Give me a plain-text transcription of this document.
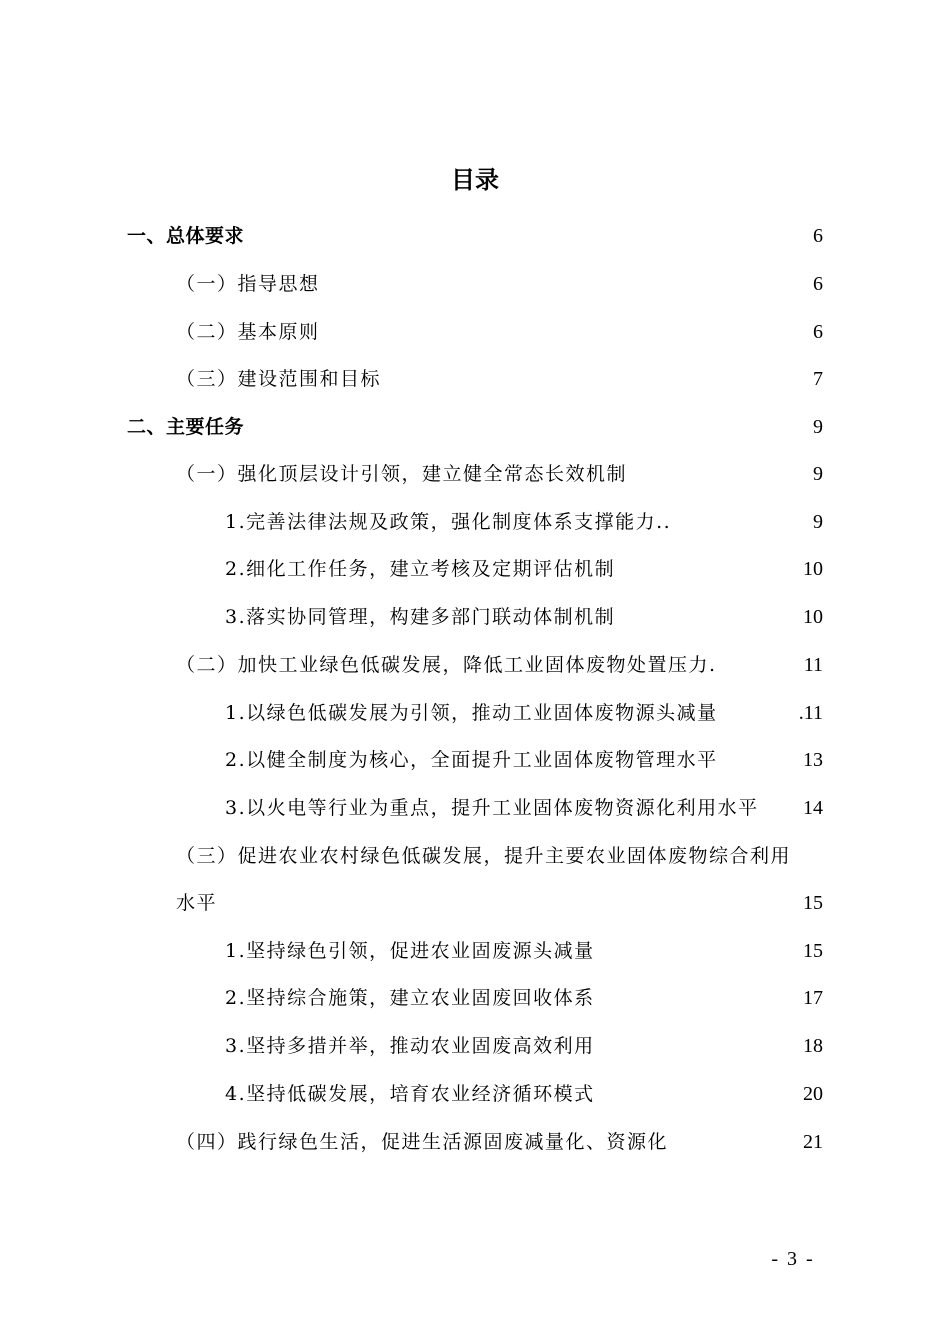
目录
一、总体要求	6
（一）指导思想	6
（二）基本原则	6
（三）建设范围和目标	7
二、主要任务	9
（一）强化顶层设计引领，建立健全常态长效机制	9
1.完善法律法规及政策，强化制度体系支撑能力..	9
2.细化工作任务，建立考核及定期评估机制	10
3.落实协同管理，构建多部门联动体制机制	10
（二）加快工业绿色低碳发展，降低工业固体废物处置压力.	11
1.以绿色低碳发展为引领，推动工业固体废物源头减量	.11
2.以健全制度为核心，全面提升工业固体废物管理水平	13
3.以火电等行业为重点，提升工业固体废物资源化利用水平 14
（三）促进农业农村绿色低碳发展，提升主要农业固体废物综合利用
水平	15
1.坚持绿色引领，促进农业固废源头减量	15
2.坚持综合施策，建立农业固废回收体系	17
3.坚持多措并举，推动农业固废高效利用	18
4.坚持低碳发展，培育农业经济循环模式	20
（四）践行绿色生活，促进生活源固废减量化、资源化	21
- 3 -
